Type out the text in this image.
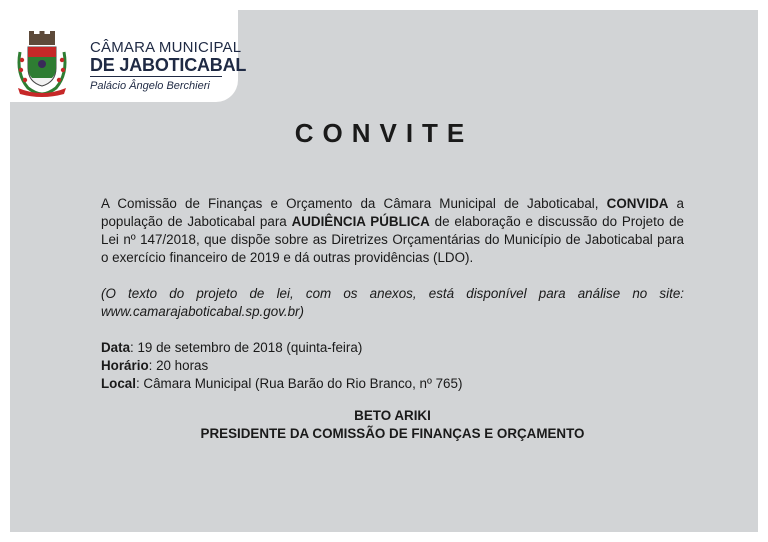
CÂMARA MUNICIPAL
DE JABOTICABAL
Palácio Ângelo Berchieri
CONVITE

A Comissão de Finanças e Orçamento da Câmara Municipal de Jaboticabal, CONVIDA a população de Jaboticabal para AUDIÊNCIA PÚBLICA de elaboração e discussão do Projeto de Lei nº 147/2018, que dispõe sobre as Diretrizes Orçamentárias do Município de Jaboticabal para o exercício financeiro de 2019 e dá outras providências (LDO).

(O texto do projeto de lei, com os anexos, está disponível para análise no site: www.camarajaboticabal.sp.gov.br)

Data: 19 de setembro de 2018 (quinta-feira)

Horário: 20 horas

Local: Câmara Municipal (Rua Barão do Rio Branco, nº 765)

BETO ARIKI

PRESIDENTE DA COMISSÃO DE FINANÇAS E ORÇAMENTO
